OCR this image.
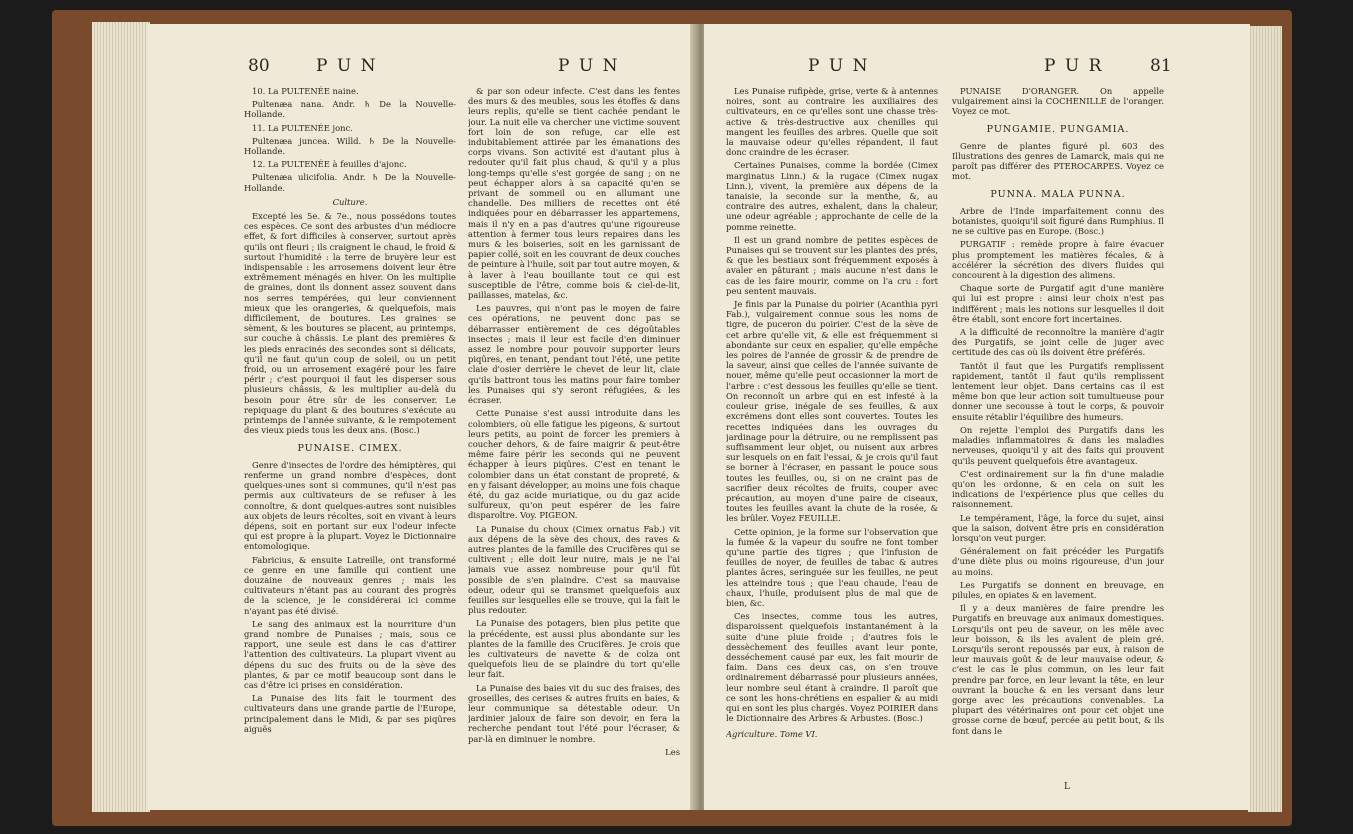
80	P U N	P U N

10. La PULTENÉE naine.

Pultenæa nana. Andr. ♄ De la Nouvelle-Hollande.

11. La PULTENÉE jonc.

Pultenæa juncea. Willd. ♄ De la Nouvelle-Hollande.

12. La PULTENÉE à feuilles d'ajonc.

Pultenæa ulicifolia. Andr. ♄ De la Nouvelle-Hollande.

Culture.

Excepté les 5e. & 7e., nous possédons toutes ces espèces. Ce sont des arbustes d'un médiocre effet, & fort difficiles à conserver, surtout après qu'ils ont fleuri ; ils craignent le chaud, le froid & surtout l'humidité : la terre de bruyère leur est indispensable : les arrosemens doivent leur être extrêmement ménagés en hiver. On les multiplie de graines, dont ils donnent assez souvent dans nos serres tempérées, qui leur conviennent mieux que les orangeries, & quelquefois, mais difficilement, de boutures. Les graines se sèment, & les boutures se placent, au printemps, sur couche à châssis. Le plant des premières & les pieds enracinés des secondes sont si délicats, qu'il ne faut qu'un coup de soleil, ou un petit froid, ou un arrosement exagéré pour les faire périr ; c'est pourquoi il faut les disperser sous plusieurs châssis, & les multiplier au-delà du besoin pour être sûr de les conserver. Le repiquage du plant & des boutures s'exécute au printemps de l'année suivante, & le rempotement des vieux pieds tous les deux ans. (Bosc.)

PUNAISE. CIMEX.

Genre d'insectes de l'ordre des hémiptères, qui renferme un grand nombre d'espèces, dont quelques-unes sont si communes, qu'il n'est pas permis aux cultivateurs de se refuser à les connoître, & dont quelques-autres sont nuisibles aux objets de leurs récoltes, soit en vivant à leurs dépens, soit en portant sur eux l'odeur infecte qui est propre à la plupart. Voyez le Dictionnaire entomologique.

Fabricius, & ensuite Latreille, ont transformé ce genre en une famille qui contient une douzaine de nouveaux genres ; mais les cultivateurs n'étant pas au courant des progrès de la science, je le considérerai ici comme n'ayant pas été divisé.

Le sang des animaux est la nourriture d'un grand nombre de Punaises ; mais, sous ce rapport, une seule est dans le cas d'attirer l'attention des cultivateurs. La plupart vivent au dépens du suc des fruits ou de la sève des plantes, & par ce motif beaucoup sont dans le cas d'être ici prises en considération.

La Punaise des lits fait le tourment des cultivateurs dans une grande partie de l'Europe, principalement dans le Midi, & par ses piqûres aiguës

& par son odeur infecte. C'est dans les fentes des murs & des meubles, sous les étoffes & dans leurs replis, qu'elle se tient cachée pendant le jour. La nuit elle va chercher une victime souvent fort loin de son refuge, car elle est indubitablement attirée par les émanations des corps vivans. Son activité est d'autant plus à redouter qu'il fait plus chaud, & qu'il y a plus long-temps qu'elle s'est gorgée de sang ; on ne peut échapper alors à sa capacité qu'en se privant de sommeil ou en allumant une chandelle. Des milliers de recettes ont été indiquées pour en débarrasser les appartemens, mais il n'y en a pas d'autres qu'une rigoureuse attention à fermer tous leurs repaires dans les murs & les boiseries, soit en les garnissant de papier collé, soit en les couvrant de deux couches de peinture à l'huile, soit par tout autre moyen, & à laver à l'eau bouillante tout ce qui est susceptible de l'être, comme bois & ciel-de-lit, paillasses, matelas, &c.

Les pauvres, qui n'ont pas le moyen de faire ces opérations, ne peuvent donc pas se débarrasser entièrement de ces dégoûtables insectes ; mais il leur est facile d'en diminuer assez le nombre pour pouvoir supporter leurs piqûres, en tenant, pendant tout l'été, une petite claie d'osier derrière le chevet de leur lit, claie qu'ils battront tous les matins pour faire tomber les Punaises qui s'y seront réfugiées, & les écraser.

Cette Punaise s'est aussi introduite dans les colombiers, où elle fatigue les pigeons, & surtout leurs petits, au point de forcer les premiers à coucher dehors, & de faire maigrir & peut-être même faire périr les seconds qui ne peuvent échapper à leurs piqûres. C'est en tenant le colombier dans un état constant de propreté, & en y faisant développer, au moins une fois chaque été, du gaz acide muriatique, ou du gaz acide sulfureux, qu'on peut espérer de les faire disparoître. Voy. PIGEON.

La Punaise du choux (Cimex ornatus Fab.) vit aux dépens de la sève des choux, des raves & autres plantes de la famille des Crucifères qui se cultivent ; elle doit leur nuire, mais je ne l'ai jamais vue assez nombreuse pour qu'il fût possible de s'en plaindre. C'est sa mauvaise odeur, odeur qui se transmet quelquefois aux feuilles sur lesquelles elle se trouve, qui la fait le plus redouter.

La Punaise des potagers, bien plus petite que la précédente, est aussi plus abondante sur les plantes de la famille des Crucifères. Je crois que les cultivateurs de navette & de colza ont quelquefois lieu de se plaindre du tort qu'elle leur fait.

La Punaise des baies vit du suc des fraises, des groseilles, des cerises & autres fruits en baies, & leur communique sa détestable odeur. Un jardinier jaloux de faire son devoir, en fera la recherche pendant tout l'été pour l'écraser, & par-là en diminuer le nombre.

Les

P U N	P U R	81

Les Punaise rufipède, grise, verte & à antennes noires, sont au contraire les auxiliaires des cultivateurs, en ce qu'elles sont une chasse très-active & très-destructive aux chenilles qui mangent les feuilles des arbres. Quelle que soit la mauvaise odeur qu'elles répandent, il faut donc craindre de les écraser.

Certaines Punaises, comme la bordée (Cimex marginatus Linn.) & la rugace (Cimex nugax Linn.), vivent, la première aux dépens de la tanaisie, la seconde sur la menthe, &, au contraire des autres, exhalent, dans la chaleur, une odeur agréable ; approchante de celle de la pomme reinette.

Il est un grand nombre de petites espèces de Punaises qui se trouvent sur les plantes des prés, & que les bestiaux sont fréquemment exposés à avaler en pâturant ; mais aucune n'est dans le cas de les faire mourir, comme on l'a cru : fort peu sentent mauvais.

Je finis par la Punaise du poirier (Acanthia pyri Fab.), vulgairement connue sous les noms de tigre, de puceron du poirier. C'est de la sève de cet arbre qu'elle vit, & elle est fréquemment si abondante sur ceux en espalier, qu'elle empêche les poires de l'année de grossir & de prendre de la saveur, ainsi que celles de l'année suivante de nouer, même qu'elle peut occasionner la mort de l'arbre : c'est dessous les feuilles qu'elle se tient. On reconnoît un arbre qui en est infesté à la couleur grise, inégale de ses feuilles, & aux excrémens dont elles sont couvertes. Toutes les recettes indiquées dans les ouvrages du jardinage pour la détruire, ou ne remplissent pas suffisamment leur objet, ou nuisent aux arbres sur lesquels on en fait l'essai, & je crois qu'il faut se borner à l'écraser, en passant le pouce sous toutes les feuilles, ou, si on ne craint pas de sacrifier deux récoltes de fruits, couper avec précaution, au moyen d'une paire de ciseaux, toutes les feuilles avant la chute de la rosée, & les brûler. Voyez FEUILLE.

Cette opinion, je la forme sur l'observation que la fumée & la vapeur du soufre ne font tomber qu'une partie des tigres ; que l'infusion de feuilles de noyer, de feuilles de tabac & autres plantes âcres, seringuée sur les feuilles, ne peut les atteindre tous ; que l'eau chaude, l'eau de chaux, l'huile, produisent plus de mal que de bien, &c.

Ces insectes, comme tous les autres, disparoissent quelquefois instantanément à la suite d'une pluie froide ; d'autres fois le dessèchement des feuilles avant leur ponte, desséchement causé par eux, les fait mourir de faim. Dans ces deux cas, on s'en trouve ordinairement débarrassé pour plusieurs années, leur nombre seul étant à craindre. Il paroît que ce sont les hons-chrétiens en espalier & au midi qui en sont les plus chargés. Voyez POIRIER dans le Dictionnaire des Arbres & Arbustes. (Bosc.)

Agriculture. Tome VI.

PUNAISE D'ORANGER. On appelle vulgairement ainsi la COCHENILLE de l'oranger. Voyez ce mot.

PUNGAMIE. PUNGAMIA.

Genre de plantes figuré pl. 603 des Illustrations des genres de Lamarck, mais qui ne paroît pas différer des PTEROCARPES. Voyez ce mot.

PUNNA. MALA PUNNA.

Arbre de l'Inde imparfaitement connu des botanistes, quoiqu'il soit figuré dans Rumphius. Il ne se cultive pas en Europe. (Bosc.)

PURGATIF : remède propre à faire évacuer plus promptement les matières fécales, & à accélérer la sécrétion des divers fluides qui concourent à la digestion des alimens.

Chaque sorte de Purgatif agit d'une manière qui lui est propre : ainsi leur choix n'est pas indifférent ; mais les notions sur lesquelles il doit être établi, sont encore fort incertaines.

A la difficulté de reconnoître la manière d'agir des Purgatifs, se joint celle de juger avec certitude des cas où ils doivent être préférés.

Tantôt il faut que les Purgatifs remplissent rapidement, tantôt il faut qu'ils remplissent lentement leur objet. Dans certains cas il est même bon que leur action soit tumultueuse pour donner une secousse à tout le corps, & pouvoir ensuite rétablir l'équilibre des humeurs.

On rejette l'emploi des Purgatifs dans les maladies inflammatoires & dans les maladies nerveuses, quoiqu'il y ait des faits qui prouvent qu'ils peuvent quelquefois être avantageux.

C'est ordinairement sur la fin d'une maladie qu'on les ordonne, & en cela on suit les indications de l'expérience plus que celles du raisonnement.

Le tempérament, l'âge, la force du sujet, ainsi que la saison, doivent être pris en considération lorsqu'on veut purger.

Généralement on fait précéder les Purgatifs d'une diète plus ou moins rigoureuse, d'un jour au moins.

Les Purgatifs se donnent en breuvage, en pilules, en opiates & en lavement.

Il y a deux manières de faire prendre les Purgatifs en breuvage aux animaux domestiques. Lorsqu'ils ont peu de saveur, on les mêle avec leur boisson, & ils les avalent de plein gré. Lorsqu'ils seront repoussés par eux, à raison de leur mauvais goût & de leur mauvaise odeur, & c'est le cas le plus commun, on les leur fait prendre par force, en leur levant la tête, en leur ouvrant la bouche & en les versant dans leur gorge avec les précautions convenables. La plupart des vétérinaires ont pour cet objet une grosse corne de bœuf, percée au petit bout, & ils font dans le

L
